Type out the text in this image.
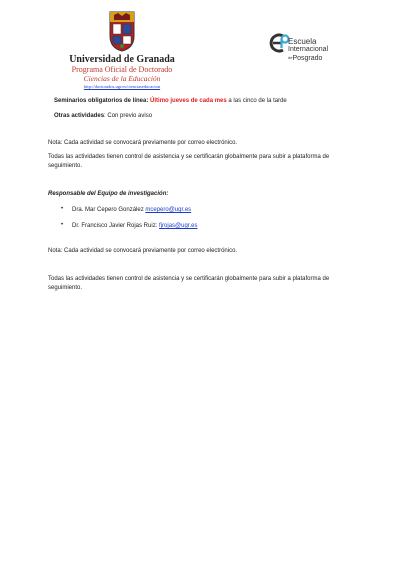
Universidad de Granada
Programa Oficial de Doctorado
Ciencias de la Educación
http://doctorados.ugr.es/cienciaseducacion
Escuela
Internacional
dePosgrado
Seminarios obligatorios de línea: Último jueves de cada mes a las cinco de la tarde
Otras actividades: Con previo aviso
Nota: Cada actividad se convocará previamente por correo electrónico.
Todas las actividades tienen control de asistencia y se certificarán globalmente para subir a plataforma de seguimiento.
Responsable del Equipo de investigación:
• Dra. Mar Cepero González mcepero@ugr.es
• Dr. Francisco Javier Rojas Ruiz: fjrojas@ugr.es
Nota: Cada actividad se convocará previamente por correo electrónico.
Todas las actividades tienen control de asistencia y se certificarán globalmente para subir a plataforma de seguimiento.
